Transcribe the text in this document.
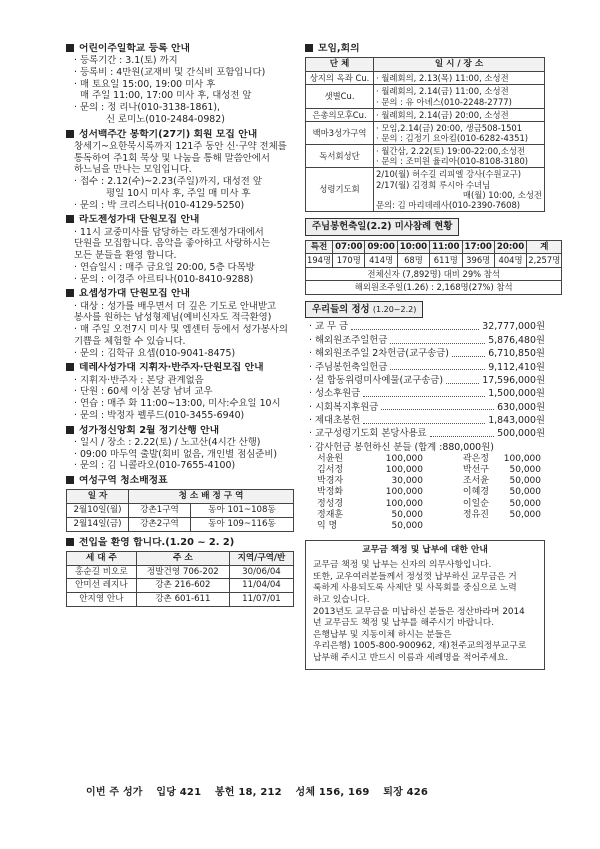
어린이주일학교 등록 안내
· 등록기간 : 3.1(토) 까지
· 등록비 : 4만원(교재비 및 간식비 포함입니다)
· 매 토요일 15:00, 19:00 미사 후
매 주일 11:00, 17:00 미사 후, 대성전 앞
· 문의 : 정 리나(010-3138-1861),
신 로미노(010-2484-0982)
성서백주간 봉학기(27기) 회원 모집 안내
창세기~요한묵시록까지 121주 동안 신·구약 전체를
통독하여 주1회 묵상 및 나눔을 통해 말씀안에서
하느님을 만나는 모임입니다.
· 접수 : 2.12(수)~2.23(주일)까지, 대성전 앞
평일 10시 미사 후, 주일 매 미사 후
· 문의 : 박 크리스티나(010-4129-5250)
라도젠성가대 단원모집 안내
· 11시 교중미사를 담당하는 라도젠성가대에서
단원을 모집합니다. 음악을 좋아하고 사랑하시는
모든 분들을 환영 합니다.
· 연습일시 : 매주 금요일 20:00, 5층 다목방
· 문의 : 이경주 아르티나(010-8410-9288)
요셉성가대 단원모집 안내
· 대상 : 성가를 배우면서 더 깊은 기도로 안내받고
봉사를 원하는 남성형제님(예비신자도 적극환영)
· 매 주일 오전7시 미사 및 엠센터 등에서 성가봉사의
기쁨을 체험할 수 있습니다.
· 문의 : 김학규 요셉(010-9041-8475)
데레사성가대 지휘자·반주자·단원모집 안내
· 지휘자·반주자 : 본당 관계없음
· 단원 : 60세 이상 본당 남녀 교우
· 연습 : 매주 화 11:00~13:00, 미사:수요일 10시
· 문의 : 박정자 펠루드(010-3455-6940)
성가정신앙회 2월 정기산행 안내
· 일시 / 장소 : 2.22(토) / 노고산(4시간 산행)
· 09:00 마두역 출발(회비 없음, 개인별 점심준비)
· 문의 : 김 니콜라오(010-7655-4100)
여성구역 청소배정표
일 자	청 소 배 정 구 역	
2월10일(월)	강촌1구역	동아 101~108동
2월14일(금)	강촌2구역	동아 109~116동
전입을 환영 합니다.(1.20 ~ 2. 2)
세 대 주	주 소	지역/구역/반
홍순길 비오로	정발건영 706-202	30/06/04
안미선 레지나	강촌 216-602	11/04/04
안지영 안나	강촌 601-611	11/07/01
모임,회의
단 체	일 시 / 장 소
상지의 옥좌 Cu.	· 월례회의, 2.13(목) 11:00, 소성전

샛별Cu.	· 월례회의, 2.14(금) 11:00, 소성전
· 문의 : 유 아녜스(010-2248-2777)

은총의모후Cu.	· 월례회의, 2.14(금) 20:00, 소성전

백마3성가구역	· 모임,2.14(금) 20:00, 생금508-1501
· 문의 : 김정기 요아킴(010-6282-4351)

독서회성단	· 월간삼, 2.22(토) 19:00-22:00,소성전
· 문의 : 조미원 율리아(010-8108-3180)

성령기도회	2/10(월) 허수길 리피엘 강사(수원교구)
2/17(월) 김경희 루시아 수녀님
매(월) 10:00, 소성전
문의: 김 마리데레사(010-2390-7608)
주님봉헌축일(2.2) 미사참례 현황
특전	07:00	09:00	10:00	11:00	17:00	20:00	계
194명	170명	414명	68명	611명	396명	404명	2,257명
전체신자 (7,892명) 대비 29% 참석							
해외원조주일(1.26) : 2,168명(27%) 참석							
우리들의 정성 (1.20~2.2)
· 교 무 금	32,777,000원
· 해외원조주일헌금	5,876,480원
· 해외원조주일 2차헌금(교구송금)	6,710,850원
· 주님봉헌축일헌금	9,112,410원
· 설 합동위령미사예물(교구송금)	17,596,000원
· 성소후원금	1,500,000원
· 시회복지후원금	630,000원
· 제대초봉헌	1,843,000원
· 교구성령기도회 본당사용료	500,000원
· 감사헌금 봉헌하신 분들 (합계 :880,000원)
서윤원	100,000	곽은정	100,000
김서정	100,000	박선구	50,000
박경자	30,000	조서윤	50,000
박정화	100,000	이혜경	50,000
정성경	100,000	이일순	50,000
정재훈	50,000	정유진	50,000
익 명	50,000
교무금 책정 및 납부에 대한 안내
교무금 책정 및 납부는 신자의 의무사항입니다.
또한, 교우여러분들께서 정성껏 납부하신 교무금은 거
룩하게 사용되도록 사제단 및 사목회를 중심으로 노력
하고 있습니다.
2013년도 교무금을 미납하신 분들은 정산바라며 2014
년 교무금도 책정 및 납부를 해주시기 바랍니다.
은행납부 및 지동이체 하시는 분들은
우리은행) 1005-800-900962, 재)천주교의정부교구로
납부해 주시고 반드시 이름과 세례명을 적어주세요.
이번 주 성가 입당 421 봉헌 18, 212 성체 156, 169 퇴장 426
